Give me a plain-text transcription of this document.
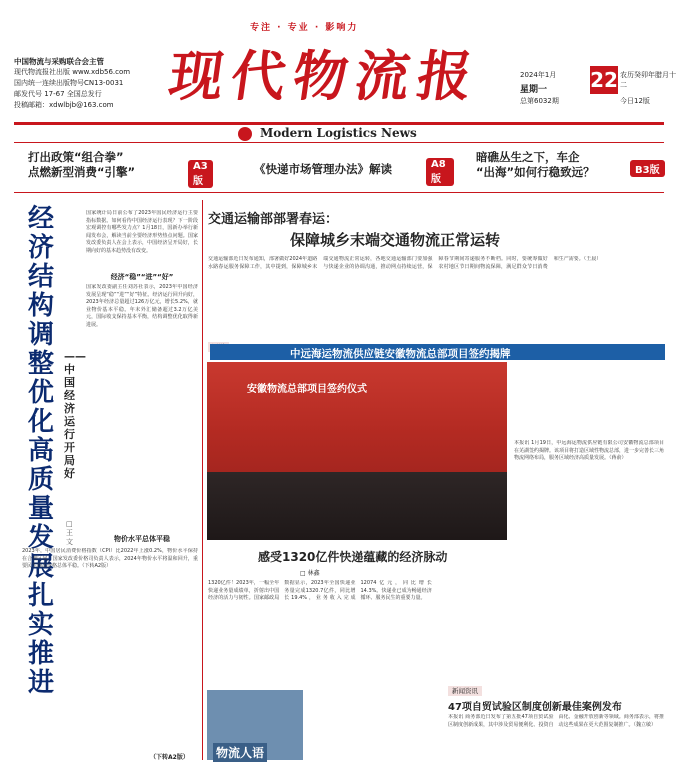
专注 · 专业 · 影响力
现代物流报
中国物流与采购联合会主管
现代物流报社出版 www.xdb56.com
国内统一连续出版物号CN13-0031
邮发代号 17-67 全国总发行
投稿邮箱：xdwlbjb@163.com
2024年1月
星期一
农历癸卯年腊月十二
总第6032期	今日12版
22
Modern Logistics News
打出政策“组合拳”
点燃新型消费“引擎”	A3版
《快递市场管理办法》解读	A8版
暗礁丛生之下，车企
“出海”如何行稳致远？	B3版
经济结构调整优化 高质量发展扎实推进
——中国经济运行开局好
□ 王文
国家统计局日前公布了2023年国民经济运行主要指标数据。如何看待中国经济运行表现？下一阶段宏观调控有哪些发力点？1月18日，国新办举行新闻发布会，解读当前全要经济形势热点问题。国家发改委负责人在会上表示，中国经济呈开局好，长期向好的基本趋势没有改变。
经济“稳”“进”“好”
国家发改委副主任刘苏社表示，2023年中国经济发展呈现“稳”“进”“好”特征。经济运行回升向好，2023年经济总量超过126万亿元，增长5.2%，就业物价基本平稳。年末外汇储备超过3.2万亿美元，国际收支保持基本平衡，结构调整优化取得新进展。
物价水平总体平稳
2023年，中国居民消费价格指数（CPI）比2022年上涨0.2%，物价水平保持在合理区间。国家发改委价格司负责人表示，2024年物价水平将温和回升，重要民生商品价格总体平稳。（下转A2版）
（下转A2版）
交通运输部部署春运：
保障城乡末端交通物流正常运转
交通运输部近日发布通知，部署做好2024年道路水路春运服务保障工作，其中提到，保障城乡末端交通物流正常运转，各地交通运输部门要加强与快递企业的协调沟通，推动网点持续运营，保障春节期间寄递服务不断档。同时，要统筹做好农村地区节日期间物流保障，满足群众节日消费和生产需要。（王晨）
中远海运物流供应链安徽物流总部项目签约揭牌
安徽物流总部项目签约仪式
本报讯 1月19日，中远海运物流供应链有限公司安徽物流总部项目在芜湖签约揭牌。该项目将打造区域性物流总部，进一步完善长三角物流网络布局，服务区域经济高质量发展。（蒋俞）
感受1320亿件快递蕴藏的经济脉动
□ 林鑫
1320亿件！2023年，一幅全年快递业务量成绩单，折射出中国经济的活力与韧性。国家邮政局数据显示，2023年全国快递业务量完成1320.7亿件，同比增长19.4%，业务收入完成12074亿元，同比增长14.3%。快递业已成为畅通经济循环、服务民生的重要力量。
物流人语
新闻资讯
47项自贸试验区制度创新最佳案例发布
本报讯 商务部近日发布了第五批47项自贸试验区制度创新成果，其中涉及贸易便利化、投资自由化、金融开放创新等领域。商务部表示，将推动这些成果在更大范围复制推广。（魏立敏）
